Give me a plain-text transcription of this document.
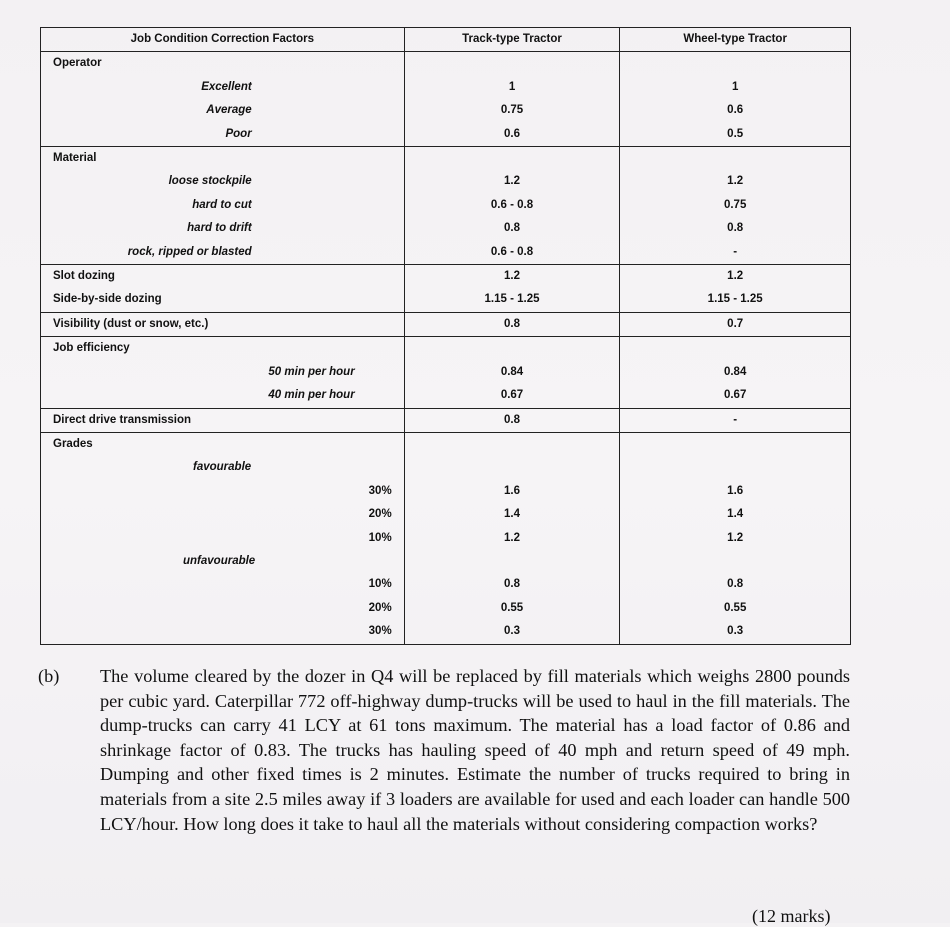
Job Condition Correction Factors	Track-type Tractor	Wheel-type Tractor
Operator		
Excellent	1	1
Average	0.75	0.6
Poor	0.6	0.5
Material		
loose stockpile	1.2	1.2
hard to cut	0.6 - 0.8	0.75
hard to drift	0.8	0.8
rock, ripped or blasted	0.6 - 0.8	-
Slot dozing	1.2	1.2
Side-by-side dozing	1.15 - 1.25	1.15 - 1.25
Visibility (dust or snow, etc.)	0.8	0.7
Job efficiency		
50 min per hour	0.84	0.84
40 min per hour	0.67	0.67
Direct drive transmission	0.8	-
Grades		
favourable		
30%	1.6	1.6
20%	1.4	1.4
10%	1.2	1.2
unfavourable		
10%	0.8	0.8
20%	0.55	0.55
30%	0.3	0.3
(b) The volume cleared by the dozer in Q4 will be replaced by fill materials which weighs 2800 pounds per cubic yard. Caterpillar 772 off-highway dump-trucks will be used to haul in the fill materials. The dump-trucks can carry 41 LCY at 61 tons maximum. The material has a load factor of 0.86 and shrinkage factor of 0.83. The trucks has hauling speed of 40 mph and return speed of 49 mph. Dumping and other fixed times is 2 minutes. Estimate the number of trucks required to bring in materials from a site 2.5 miles away if 3 loaders are available for used and each loader can handle 500 LCY/hour. How long does it take to haul all the materials without considering compaction works?
(12 marks)
